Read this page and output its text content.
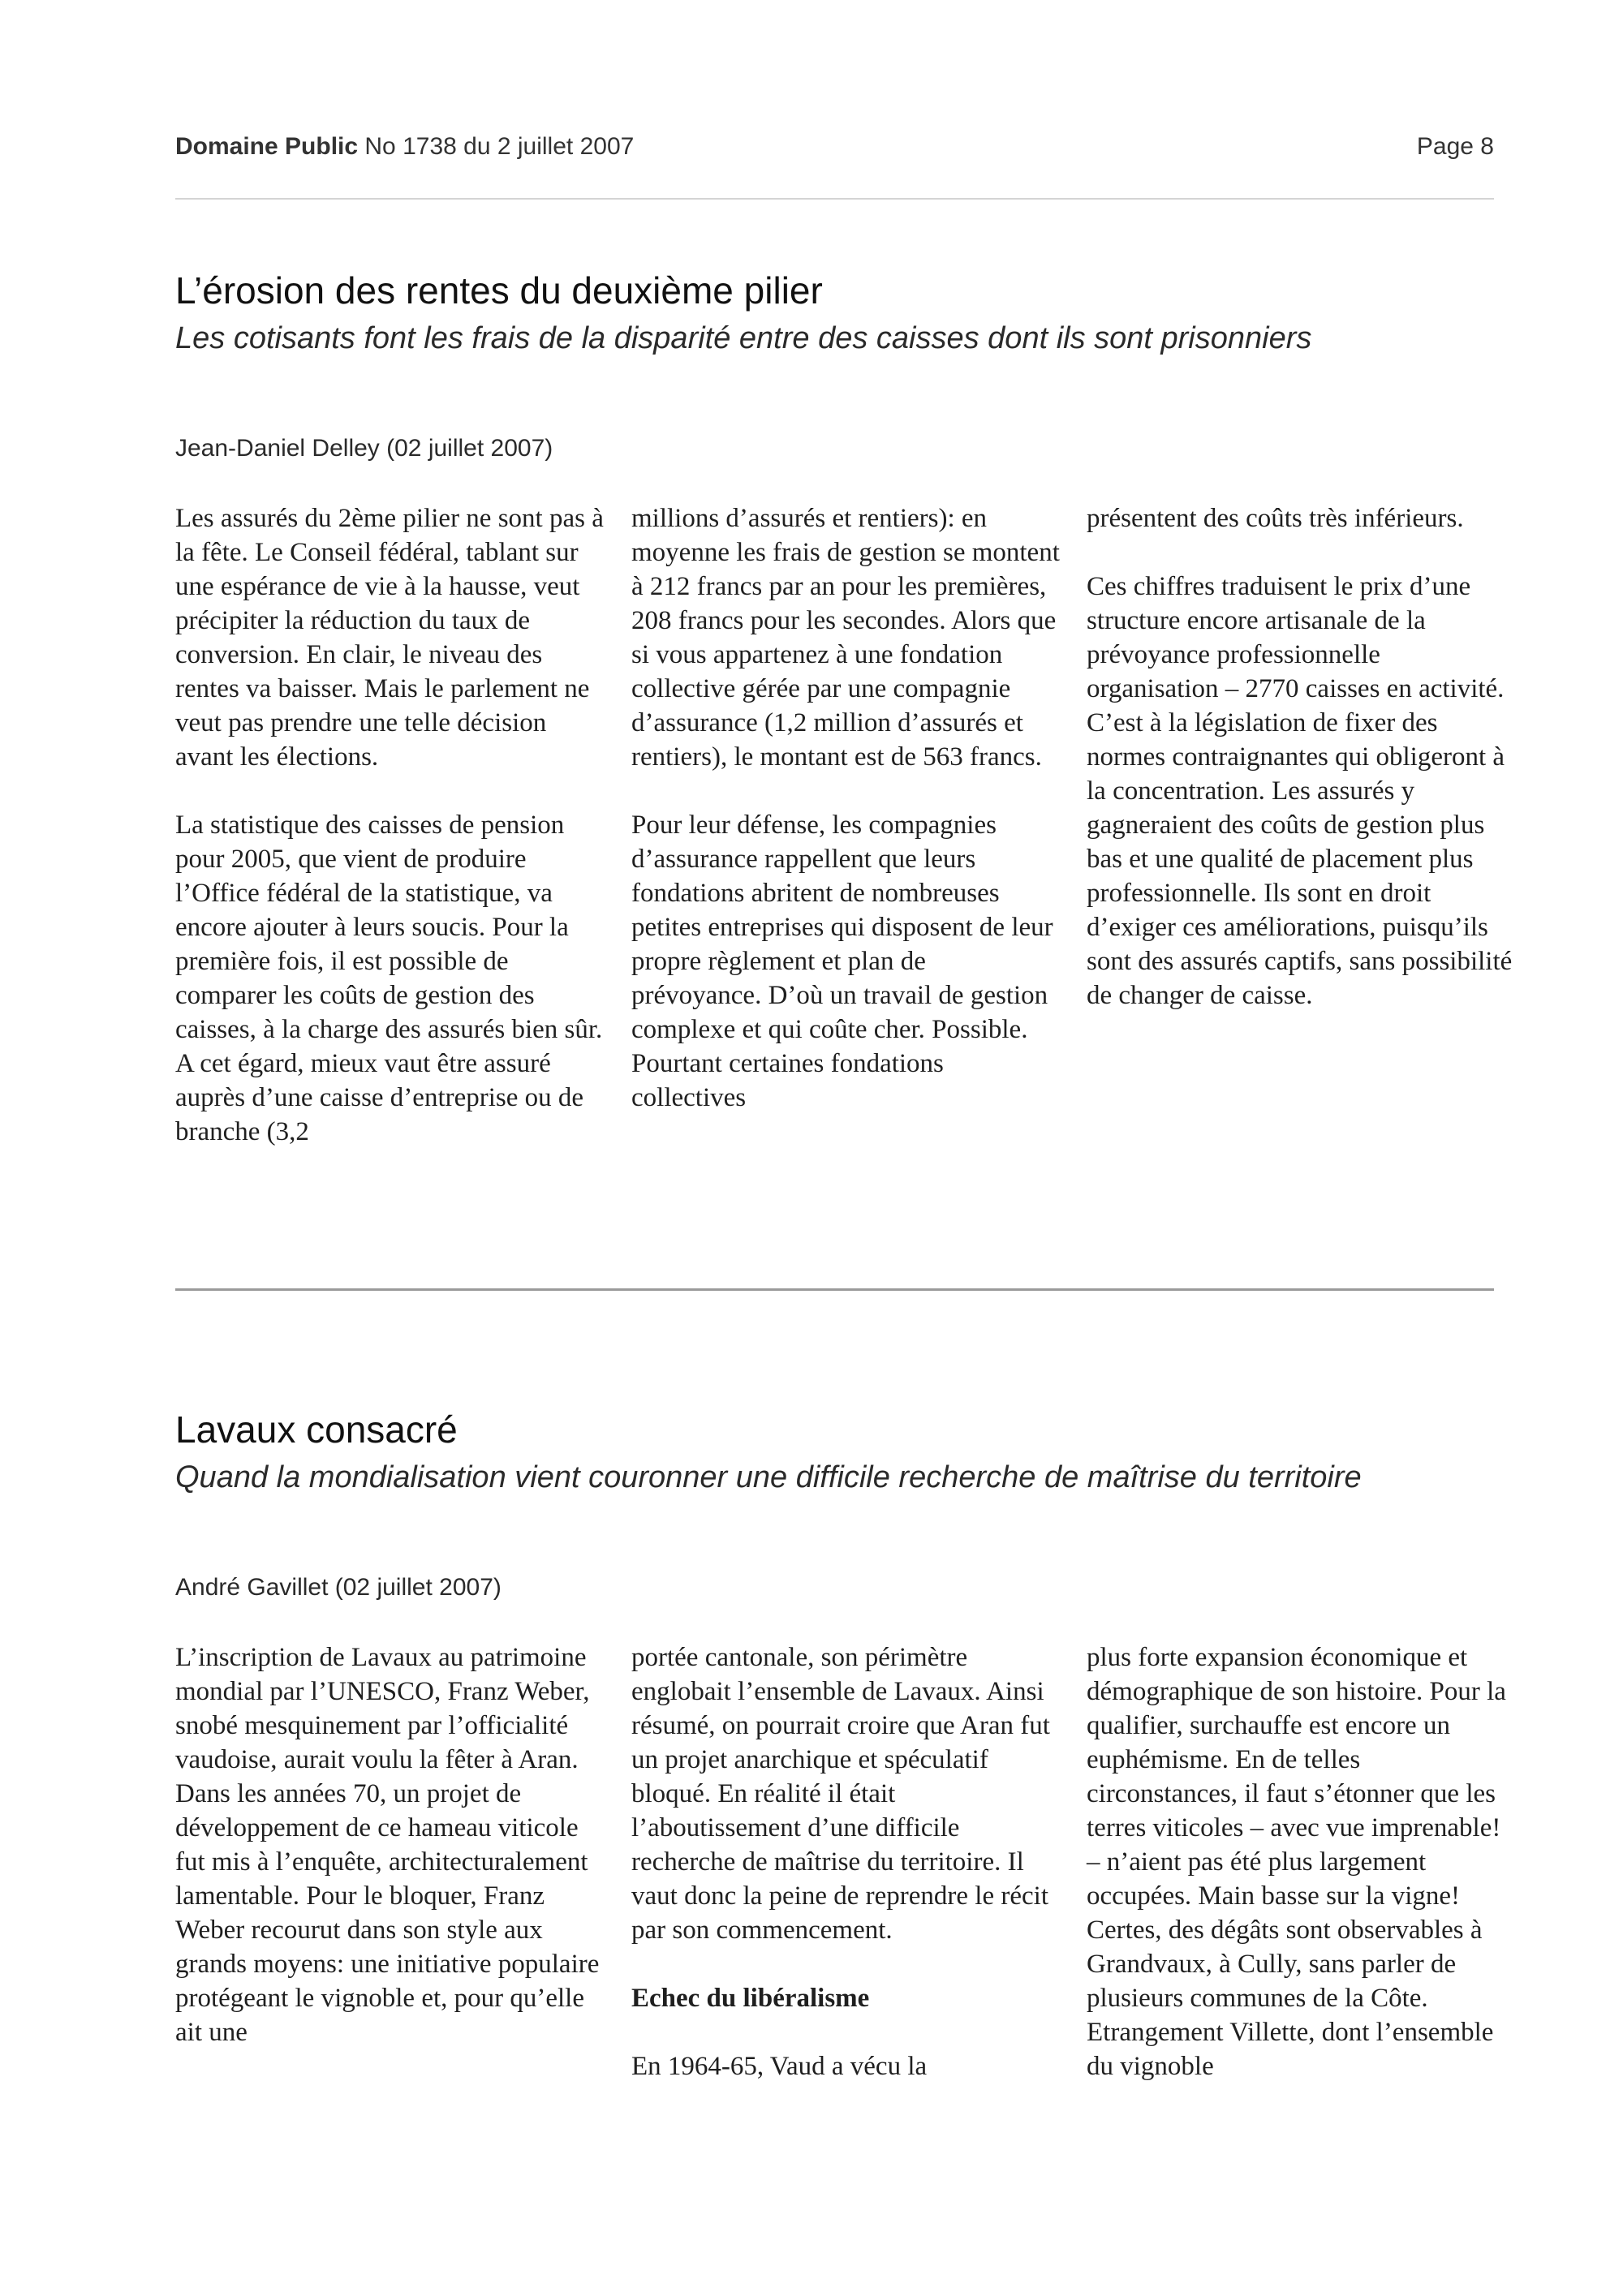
Domaine Public No 1738 du 2 juillet 2007	Page 8
L’érosion des rentes du deuxième pilier
Les cotisants font les frais de la disparité entre des caisses dont ils sont prisonniers
Jean-Daniel Delley (02 juillet 2007)

Les assurés du 2ème pilier ne sont pas à la fête. Le Conseil fédéral, tablant sur une espérance de vie à la hausse, veut précipiter la réduction du taux de conversion. En clair, le niveau des rentes va baisser. Mais le parlement ne veut pas prendre une telle décision avant les élections.

La statistique des caisses de pension pour 2005, que vient de produire l’Office fédéral de la statistique, va encore ajouter à leurs soucis. Pour la première fois, il est possible de comparer les coûts de gestion des caisses, à la charge des assurés bien sûr. A cet égard, mieux vaut être assuré auprès d’une caisse d’entreprise ou de branche (3,2

millions d’assurés et rentiers): en moyenne les frais de gestion se montent à 212 francs par an pour les premières, 208 francs pour les secondes. Alors que si vous appartenez à une fondation collective gérée par une compagnie d’assurance (1,2 million d’assurés et rentiers), le montant est de 563 francs.

Pour leur défense, les compagnies d’assurance rappellent que leurs fondations abritent de nombreuses petites entreprises qui disposent de leur propre règlement et plan de prévoyance. D’où un travail de gestion complexe et qui coûte cher. Possible. Pourtant certaines fondations collectives

présentent des coûts très inférieurs.

Ces chiffres traduisent le prix d’une structure encore artisanale de la prévoyance professionnelle organisation – 2770 caisses en activité. C’est à la législation de fixer des normes contraignantes qui obligeront à la concentration. Les assurés y gagneraient des coûts de gestion plus bas et une qualité de placement plus professionnelle. Ils sont en droit d’exiger ces améliorations, puisqu’ils sont des assurés captifs, sans possibilité de changer de caisse.

Lavaux consacré
Quand la mondialisation vient couronner une difficile recherche de maîtrise du territoire
André Gavillet (02 juillet 2007)

L’inscription de Lavaux au patrimoine mondial par l’UNESCO, Franz Weber, snobé mesquinement par l’officialité vaudoise, aurait voulu la fêter à Aran. Dans les années 70, un projet de développement de ce hameau viticole fut mis à l’enquête, architecturalement lamentable. Pour le bloquer, Franz Weber recourut dans son style aux grands moyens: une initiative populaire protégeant le vignoble et, pour qu’elle ait une

portée cantonale, son périmètre englobait l’ensemble de Lavaux. Ainsi résumé, on pourrait croire que Aran fut un projet anarchique et spéculatif bloqué. En réalité il était l’aboutissement d’une difficile recherche de maîtrise du territoire. Il vaut donc la peine de reprendre le récit par son commencement.

Echec du libéralisme

En 1964-65, Vaud a vécu la

plus forte expansion économique et démographique de son histoire. Pour la qualifier, surchauffe est encore un euphémisme. En de telles circonstances, il faut s’étonner que les terres viticoles – avec vue imprenable! – n’aient pas été plus largement occupées. Main basse sur la vigne! Certes, des dégâts sont observables à Grandvaux, à Cully, sans parler de plusieurs communes de la Côte. Etrangement Villette, dont l’ensemble du vignoble
